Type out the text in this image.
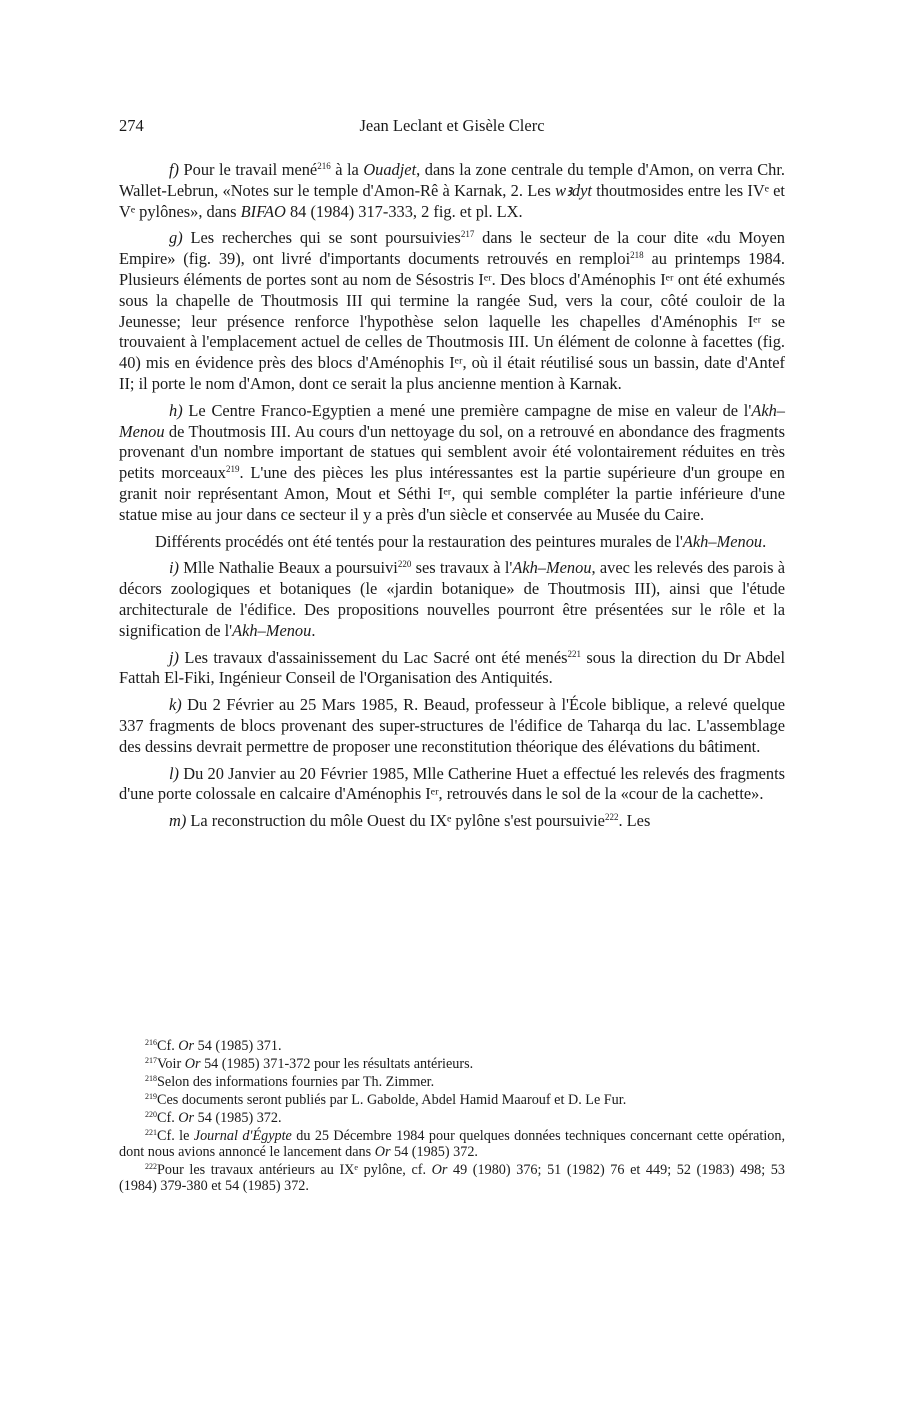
274	Jean Leclant et Gisèle Clerc

f) Pour le travail mené$^{216}$ à la Ouadjet, dans la zone centrale du temple d'Amon, on verra Chr. Wallet-Lebrun, «Notes sur le temple d'Amon-Rê à Karnak, 2. Les wꜣdyt thoutmosides entre les IVᵉ et Vᵉ pylônes», dans BIFAO 84 (1984) 317-333, 2 fig. et pl. LX.

g) Les recherches qui se sont poursuivies$^{217}$ dans le secteur de la cour dite «du Moyen Empire» (fig. 39), ont livré d'importants documents retrouvés en remploi$^{218}$ au printemps 1984. Plusieurs éléments de portes sont au nom de Sésostris Iᵉʳ. Des blocs d'Aménophis Iᵉʳ ont été exhumés sous la chapelle de Thoutmosis III qui termine la rangée Sud, vers la cour, côté couloir de la Jeunesse; leur présence renforce l'hypothèse selon laquelle les chapelles d'Aménophis Iᵉʳ se trouvaient à l'emplacement actuel de celles de Thoutmosis III. Un élément de colonne à facettes (fig. 40) mis en évidence près des blocs d'Aménophis Iᵉʳ, où il était réutilisé sous un bassin, date d'Antef II; il porte le nom d'Amon, dont ce serait la plus ancienne mention à Karnak.

h) Le Centre Franco-Egyptien a mené une première campagne de mise en valeur de l'Akh–Menou de Thoutmosis III. Au cours d'un nettoyage du sol, on a retrouvé en abondance des fragments provenant d'un nombre important de statues qui semblent avoir été volontairement réduites en très petits morceaux$^{219}$. L'une des pièces les plus intéressantes est la partie supérieure d'un groupe en granit noir représentant Amon, Mout et Séthi Iᵉʳ, qui semble compléter la partie inférieure d'une statue mise au jour dans ce secteur il y a près d'un siècle et conservée au Musée du Caire.

Différents procédés ont été tentés pour la restauration des peintures murales de l'Akh–Menou.

i) Mlle Nathalie Beaux a poursuivi$^{220}$ ses travaux à l'Akh–Menou, avec les relevés des parois à décors zoologiques et botaniques (le «jardin botanique» de Thoutmosis III), ainsi que l'étude architecturale de l'édifice. Des propositions nouvelles pourront être présentées sur le rôle et la signification de l'Akh–Menou.

j) Les travaux d'assainissement du Lac Sacré ont été menés$^{221}$ sous la direction du Dr Abdel Fattah El-Fiki, Ingénieur Conseil de l'Organisation des Antiquités.

k) Du 2 Février au 25 Mars 1985, R. Beaud, professeur à l'École biblique, a relevé quelque 337 fragments de blocs provenant des super-structures de l'édifice de Taharqa du lac. L'assemblage des dessins devrait permettre de proposer une reconstitution théorique des élévations du bâtiment.

l) Du 20 Janvier au 20 Février 1985, Mlle Catherine Huet a effectué les relevés des fragments d'une porte colossale en calcaire d'Aménophis Iᵉʳ, retrouvés dans le sol de la «cour de la cachette».

m) La reconstruction du môle Ouest du IXᵉ pylône s'est poursuivie$^{222}$. Les

$^{216}$Cf. Or 54 (1985) 371.

$^{217}$Voir Or 54 (1985) 371-372 pour les résultats antérieurs.

$^{218}$Selon des informations fournies par Th. Zimmer.

$^{219}$Ces documents seront publiés par L. Gabolde, Abdel Hamid Maarouf et D. Le Fur.

$^{220}$Cf. Or 54 (1985) 372.

$^{221}$Cf. le Journal d'Égypte du 25 Décembre 1984 pour quelques données techniques concernant cette opération, dont nous avions annoncé le lancement dans Or 54 (1985) 372.

$^{222}$Pour les travaux antérieurs au IXᵉ pylône, cf. Or 49 (1980) 376; 51 (1982) 76 et 449; 52 (1983) 498; 53 (1984) 379-380 et 54 (1985) 372.
